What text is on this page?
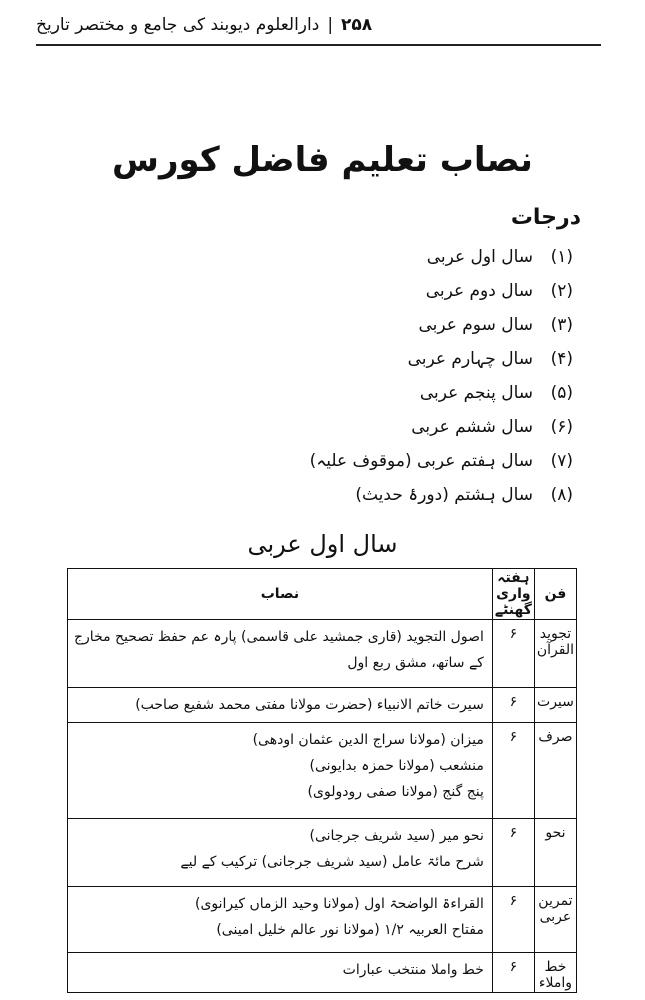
۲۵۸
|
دارالعلوم دیوبند کی جامع و مختصر تاریخ
نصاب تعلیم فاضل کورس
درجات
(۱)سال اول عربی
(۲)سال دوم عربی
(۳)سال سوم عربی
(۴)سال چہارم عربی
(۵)سال پنجم عربی
(۶)سال ششم عربی
(۷)سال ہفتم عربی (موقوف علیہ)
(۸)سال ہشتم (دورۂ حدیث)
سال اول عربی
فن	ہفتہ واری گھنٹے	نصاب
تجوید القرآن	۶	اصول التجوید (قاری جمشید علی قاسمی) پارہ عم حفظ تصحیح مخارج
کے ساتھ، مشق ربع اول

سیرت	۶	سیرت خاتم الانبیاء (حضرت مولانا مفتی محمد شفیع صاحب)

صرف	۶	میزان (مولانا سراج الدین عثمان اودھی)
منشعب (مولانا حمزہ بدایونی)
پنج گنج (مولانا صفی رودولوی)

نحو	۶	نحو میر (سید شریف جرجانی)
شرح مائۃ عامل (سید شریف جرجانی) ترکیب کے لیے

تمرین عربی	۶	القراءۃ الواضحۃ اول (مولانا وحید الزماں کیرانوی)
مفتاح العربیہ ۱/۲ (مولانا نور عالم خلیل امینی)

خط واملاء	۶	خط واملا منتخب عبارات
